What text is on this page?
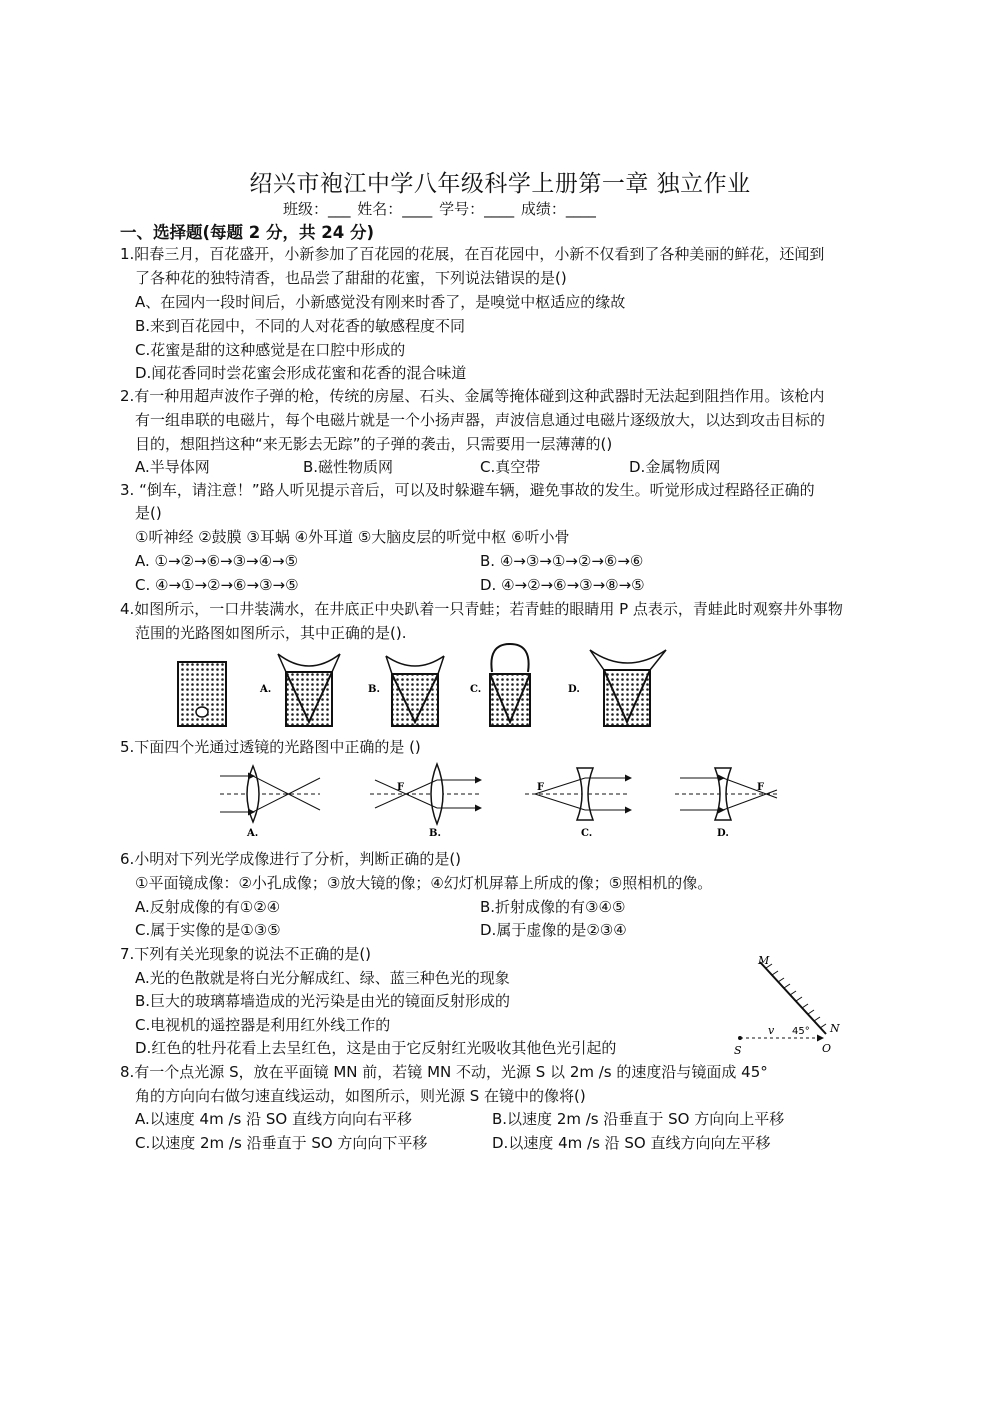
绍兴市袍江中学八年级科学上册第一章 独立作业
班级：___ 姓名：____ 学号：____ 成绩：____
一、选择题(每题 2 分，共 24 分)
1.阳春三月，百花盛开，小新参加了百花园的花展，在百花园中，小新不仅看到了各种美丽的鲜花，还闻到
了各种花的独特清香，也品尝了甜甜的花蜜，下列说法错误的是()
A、在园内一段时间后，小新感觉没有刚来时香了，是嗅觉中枢适应的缘故
B.来到百花园中，不同的人对花香的敏感程度不同
C.花蜜是甜的这种感觉是在口腔中形成的
D.闻花香同时尝花蜜会形成花蜜和花香的混合味道
2.有一种用超声波作子弹的枪，传统的房屋、石头、金属等掩体碰到这种武器时无法起到阻挡作用。该枪内
有一组串联的电磁片，每个电磁片就是一个小扬声器，声波信息通过电磁片逐级放大，以达到攻击目标的
目的，想阻挡这种“来无影去无踪”的子弹的袭击，只需要用一层薄薄的()
A.半导体网	B.磁性物质网	C.真空带	D.金属物质网
3. “倒车，请注意！”路人听见提示音后，可以及时躲避车辆，避免事故的发生。听觉形成过程路径正确的
是()
①听神经 ②鼓膜 ③耳蜗 ④外耳道 ⑤大脑皮层的听觉中枢 ⑥听小骨
A. ①→②→⑥→③→④→⑤	B. ④→③→①→②→⑥→⑥
C. ④→①→②→⑥→③→⑤	D. ④→②→⑥→③→⑧→⑤
4.如图所示，一口井装满水，在井底正中央趴着一只青蛙；若青蛙的眼睛用 P 点表示，青蛙此时观察井外事物
范围的光路图如图所示，其中正确的是().
A.	B.	C.	D.
5.下面四个光通过透镜的光路图中正确的是 ()
A.
F
B.
F
C.
F
D.
6.小明对下列光学成像进行了分析，判断正确的是()
①平面镜成像：②小孔成像；③放大镜的像；④幻灯机屏幕上所成的像；⑤照相机的像。
A.反射成像的有①②④	B.折射成像的有③④⑤
C.属于实像的是①③⑤	D.属于虚像的是②③④
7.下列有关光现象的说法不正确的是()
A.光的色散就是将白光分解成红、绿、蓝三种色光的现象
B.巨大的玻璃幕墙造成的光污染是由光的镜面反射形成的
C.电视机的遥控器是利用红外线工作的
D.红色的牡丹花看上去呈红色，这是由于它反射红光吸收其他色光引起的
M
N
O
S
v 45°
8.有一个点光源 S，放在平面镜 MN 前，若镜 MN 不动，光源 S 以 2m /s 的速度沿与镜面成 45°
角的方向向右做匀速直线运动，如图所示，则光源 S 在镜中的像将()
A.以速度 4m /s 沿 SO 直线方向向右平移	B.以速度 2m /s 沿垂直于 SO 方向向上平移
C.以速度 2m /s 沿垂直于 SO 方向向下平移	D.以速度 4m /s 沿 SO 直线方向向左平移
